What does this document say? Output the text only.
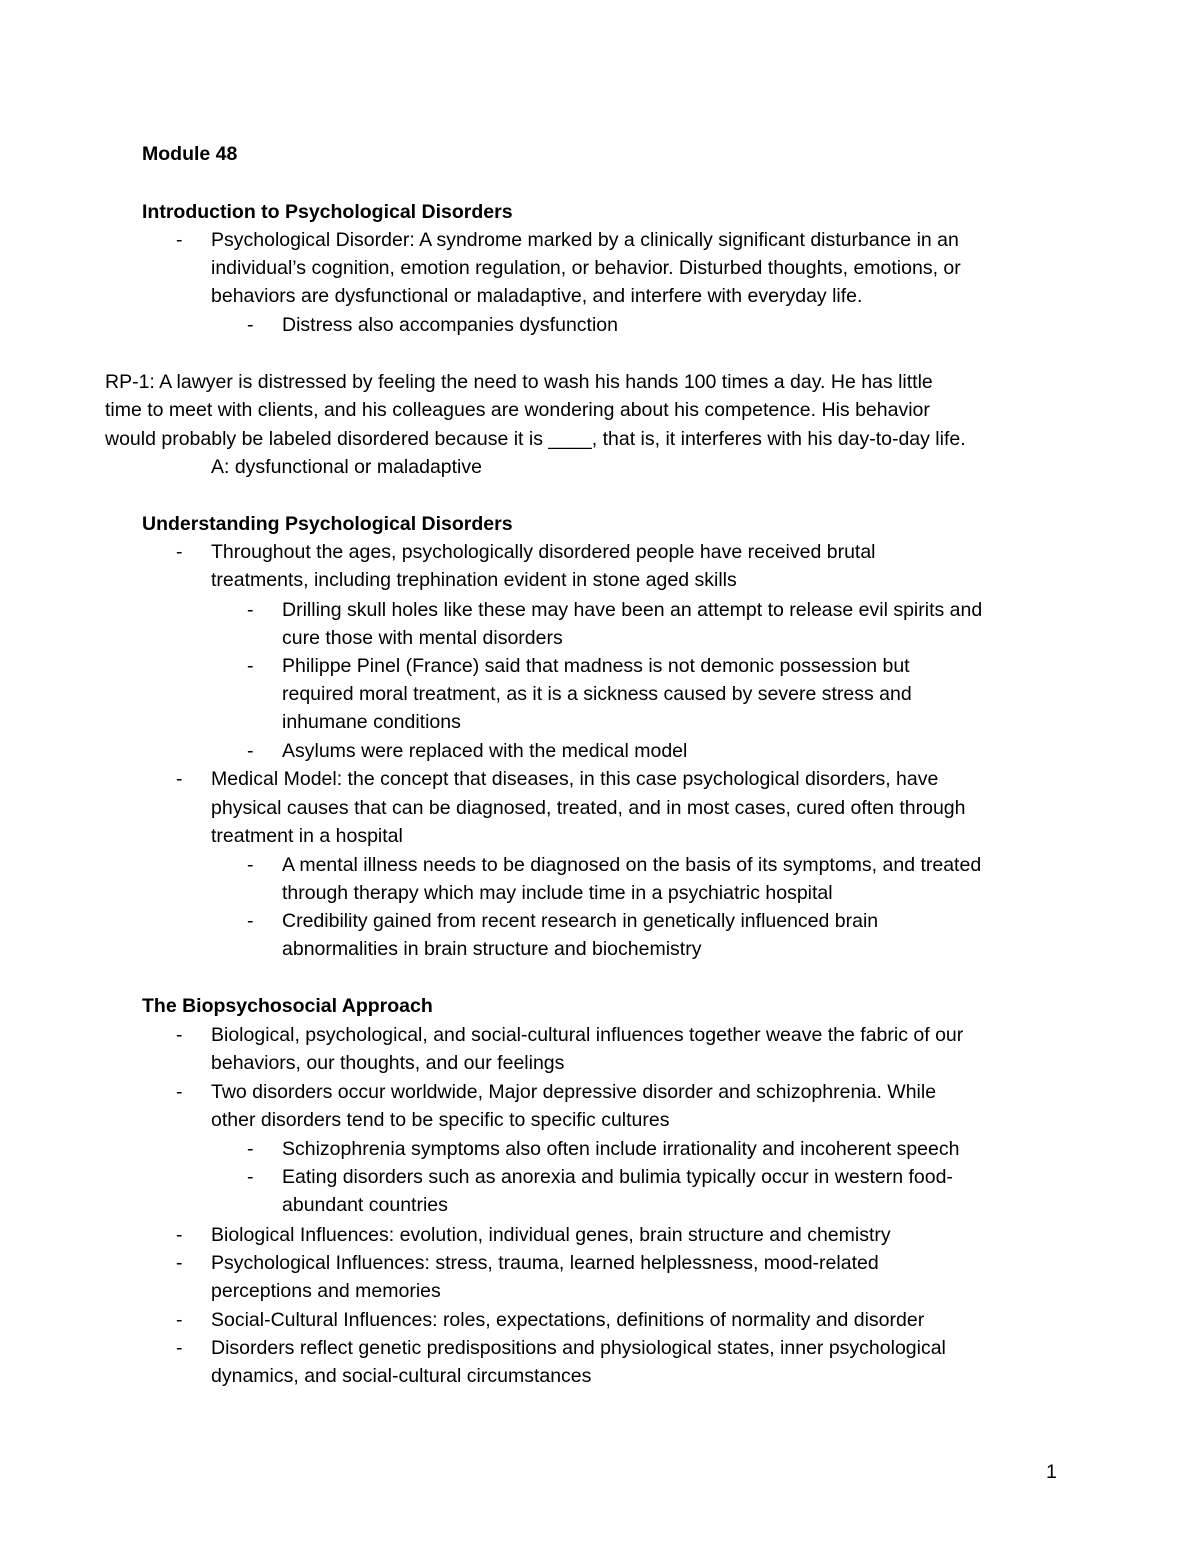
Module 48
Introduction to Psychological Disorders
- Psychological Disorder: A syndrome marked by a clinically significant disturbance in an
individual’s cognition, emotion regulation, or behavior. Disturbed thoughts, emotions, or
behaviors are dysfunctional or maladaptive, and interfere with everyday life.
- Distress also accompanies dysfunction
RP-1: A lawyer is distressed by feeling the need to wash his hands 100 times a day. He has little
time to meet with clients, and his colleagues are wondering about his competence. His behavior
would probably be labeled disordered because it is ____, that is, it interferes with his day-to-day life.
A: dysfunctional or maladaptive
Understanding Psychological Disorders
- Throughout the ages, psychologically disordered people have received brutal
treatments, including trephination evident in stone aged skills
- Drilling skull holes like these may have been an attempt to release evil spirits and
cure those with mental disorders
- Philippe Pinel (France) said that madness is not demonic possession but
required moral treatment, as it is a sickness caused by severe stress and
inhumane conditions
- Asylums were replaced with the medical model
- Medical Model: the concept that diseases, in this case psychological disorders, have
physical causes that can be diagnosed, treated, and in most cases, cured often through
treatment in a hospital
- A mental illness needs to be diagnosed on the basis of its symptoms, and treated
through therapy which may include time in a psychiatric hospital
- Credibility gained from recent research in genetically influenced brain
abnormalities in brain structure and biochemistry
The Biopsychosocial Approach
- Biological, psychological, and social-cultural influences together weave the fabric of our
behaviors, our thoughts, and our feelings
- Two disorders occur worldwide, Major depressive disorder and schizophrenia. While
other disorders tend to be specific to specific cultures
- Schizophrenia symptoms also often include irrationality and incoherent speech
- Eating disorders such as anorexia and bulimia typically occur in western food-
abundant countries
- Biological Influences: evolution, individual genes, brain structure and chemistry
- Psychological Influences: stress, trauma, learned helplessness, mood-related
perceptions and memories
- Social-Cultural Influences: roles, expectations, definitions of normality and disorder
- Disorders reflect genetic predispositions and physiological states, inner psychological
dynamics, and social-cultural circumstances
1
